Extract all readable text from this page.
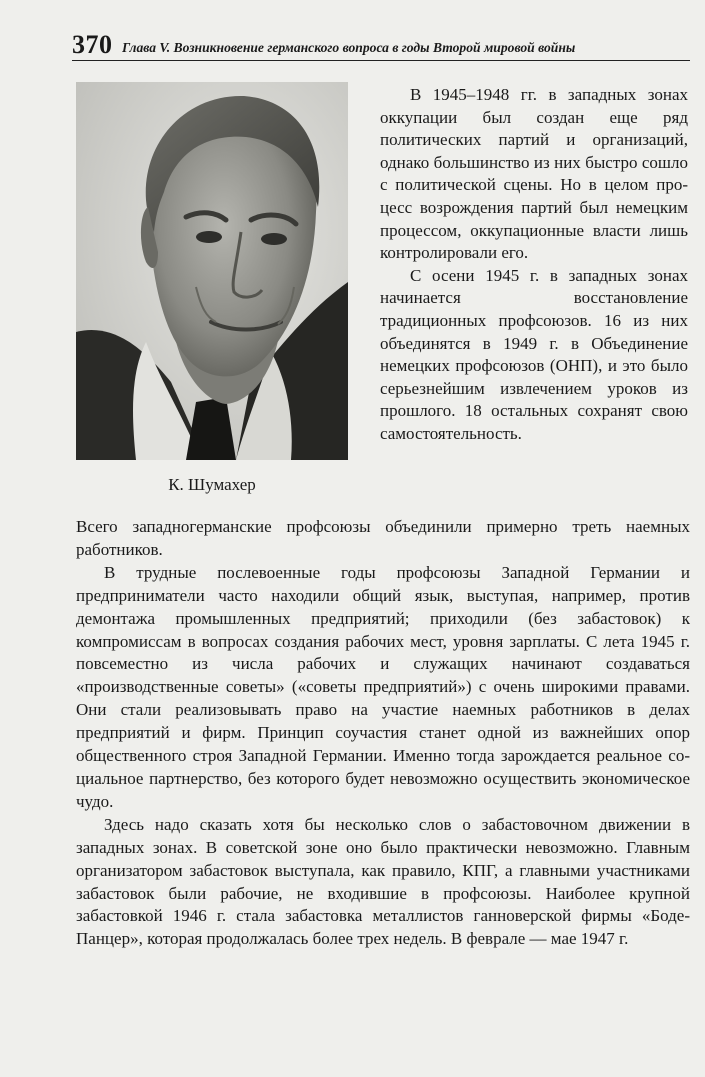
370 Глава V. Возникновение германского вопроса в годы Второй мировой войны
К. Шумахер

В 1945–1948 гг. в западных зонах оккупации был создан еще ряд политических партий и организаций, однако большинство из них быстро сошло с политической сцены. Но в целом процесс возрождения партий был немецким процессом, оккупационные власти лишь контролировали его.

С осени 1945 г. в западных зонах начинается восстановление традиционных профсоюзов. 16 из них объединятся в 1949 г. в Объединение немецких профсоюзов (ОНП), и это было серьезнейшим извлечением уроков из прошлого. 18 остальных сохранят свою самостоятельность.

Всего западногерманские профсоюзы объединили примерно треть наемных работников.

В трудные послевоенные годы профсоюзы Западной Германии и предприниматели часто находили общий язык, выступая, например, против демонтажа промышленных предприятий; приходили (без забастовок) к компромиссам в вопросах создания рабочих мест, уровня зарплаты. С лета 1945 г. повсеместно из числа рабочих и служащих начинают создаваться «производственные советы» («советы предприятий») с очень широкими правами. Они стали реализовывать право на участие наемных работников в делах предприятий и фирм. Принцип соучастия станет одной из важнейших опор общественного строя Западной Германии. Именно тогда зарождается реальное социальное партнерство, без которого будет невозможно осуществить экономическое чудо.

Здесь надо сказать хотя бы несколько слов о забастовочном движении в западных зонах. В советской зоне оно было практически невозможно. Главным организатором забастовок выступала, как правило, КПГ, а главными участниками забастовок были рабочие, не входившие в профсоюзы. Наиболее крупной забастовкой 1946 г. стала забастовка металлистов ганноверской фирмы «Боде-Панцер», которая продолжалась более трех недель. В феврале — мае 1947 г.
